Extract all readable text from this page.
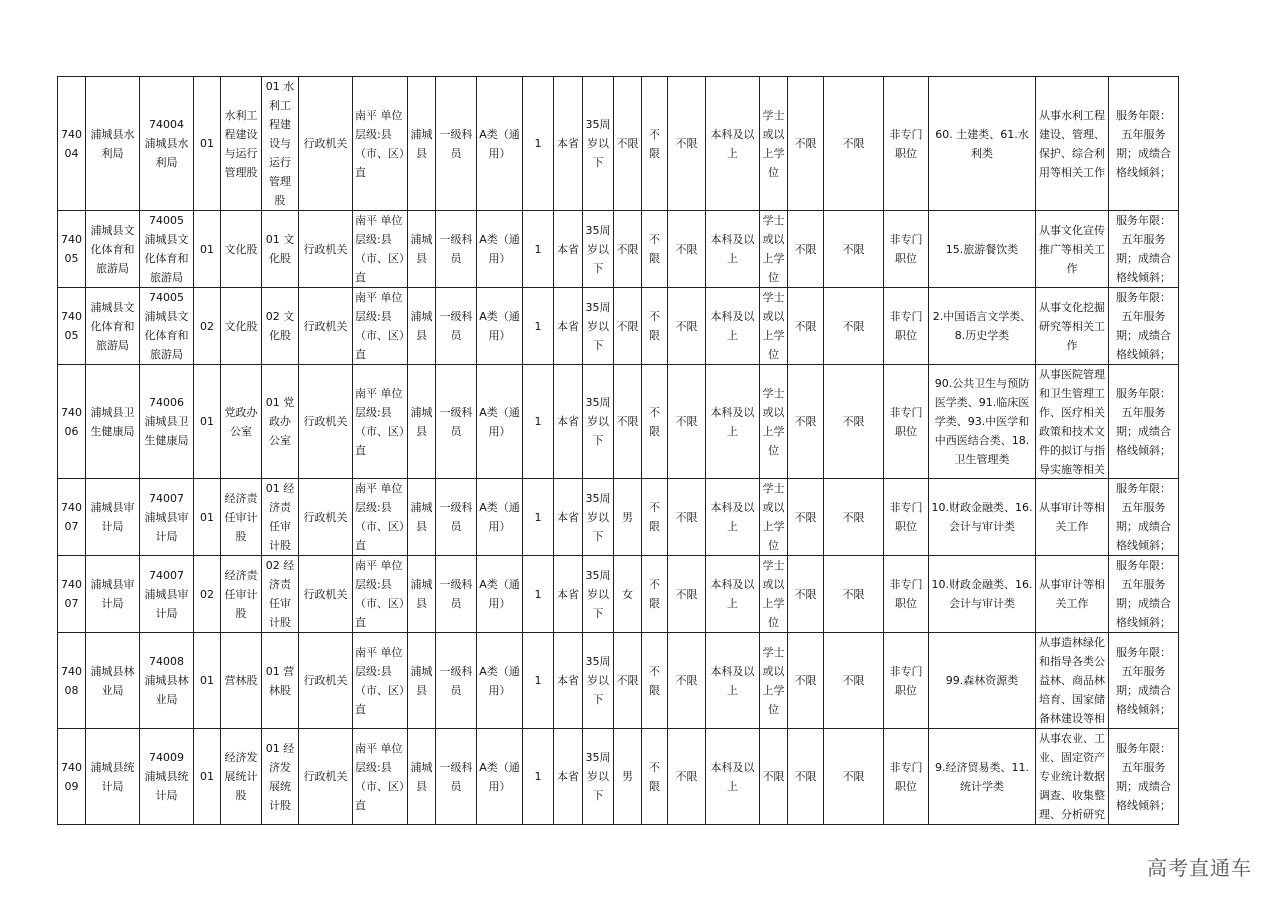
74004	浦城县水利局	74004 浦城县水利局	01	水利工程建设与运行管理股	01 水利工程建设与运行管理股	行政机关	南平 单位层级:县（市、区）直	浦城县	一级科员	A类（通用）	1	本省	35周岁以下	不限	不限	不限	本科及以上	学士或以上学位	不限	不限	非专门职位	60. 土建类、61.水利类	从事水利工程建设、管理、保护、综合利用等相关工作	服务年限：五年服务期；成绩合格线倾斜；
74005	浦城县文化体育和旅游局	74005 浦城县文化体育和旅游局	01	文化股	01 文化股	行政机关	南平 单位层级:县（市、区）直	浦城县	一级科员	A类（通用）	1	本省	35周岁以下	不限	不限	不限	本科及以上	学士或以上学位	不限	不限	非专门职位	15.旅游餐饮类	从事文化宣传推广等相关工作	服务年限：五年服务期；成绩合格线倾斜；
74005	浦城县文化体育和旅游局	74005 浦城县文化体育和旅游局	02	文化股	02 文化股	行政机关	南平 单位层级:县（市、区）直	浦城县	一级科员	A类（通用）	1	本省	35周岁以下	不限	不限	不限	本科及以上	学士或以上学位	不限	不限	非专门职位	2.中国语言文学类、8.历史学类	从事文化挖掘研究等相关工作	服务年限：五年服务期；成绩合格线倾斜；
74006	浦城县卫生健康局	74006 浦城县卫生健康局	01	党政办公室	01 党政办公室	行政机关	南平 单位层级:县（市、区）直	浦城县	一级科员	A类（通用）	1	本省	35周岁以下	不限	不限	不限	本科及以上	学士或以上学位	不限	不限	非专门职位	90.公共卫生与预防医学类、91.临床医学类、93.中医学和中西医结合类、18.卫生管理类	从事医院管理和卫生管理工作、医疗相关政策和技术文件的拟订与指导实施等相关	服务年限：五年服务期；成绩合格线倾斜；
74007	浦城县审计局	74007 浦城县审计局	01	经济责任审计股	01 经济责任审计股	行政机关	南平 单位层级:县（市、区）直	浦城县	一级科员	A类（通用）	1	本省	35周岁以下	男	不限	不限	本科及以上	学士或以上学位	不限	不限	非专门职位	10.财政金融类、16.会计与审计类	从事审计等相关工作	服务年限：五年服务期；成绩合格线倾斜；
74007	浦城县审计局	74007 浦城县审计局	02	经济责任审计股	02 经济责任审计股	行政机关	南平 单位层级:县（市、区）直	浦城县	一级科员	A类（通用）	1	本省	35周岁以下	女	不限	不限	本科及以上	学士或以上学位	不限	不限	非专门职位	10.财政金融类、16.会计与审计类	从事审计等相关工作	服务年限：五年服务期；成绩合格线倾斜；
74008	浦城县林业局	74008 浦城县林业局	01	营林股	01 营林股	行政机关	南平 单位层级:县（市、区）直	浦城县	一级科员	A类（通用）	1	本省	35周岁以下	不限	不限	不限	本科及以上	学士或以上学位	不限	不限	非专门职位	99.森林资源类	从事造林绿化和指导各类公益林、商品林培育、国家储备林建设等相	服务年限：五年服务期；成绩合格线倾斜；
74009	浦城县统计局	74009 浦城县统计局	01	经济发展统计股	01 经济发展统计股	行政机关	南平 单位层级:县（市、区）直	浦城县	一级科员	A类（通用）	1	本省	35周岁以下	男	不限	不限	本科及以上	不限	不限	不限	非专门职位	9.经济贸易类、11.统计学类	从事农业、工业、固定资产专业统计数据调查、收集整理、分析研究	服务年限：五年服务期；成绩合格线倾斜；
高考直通车
